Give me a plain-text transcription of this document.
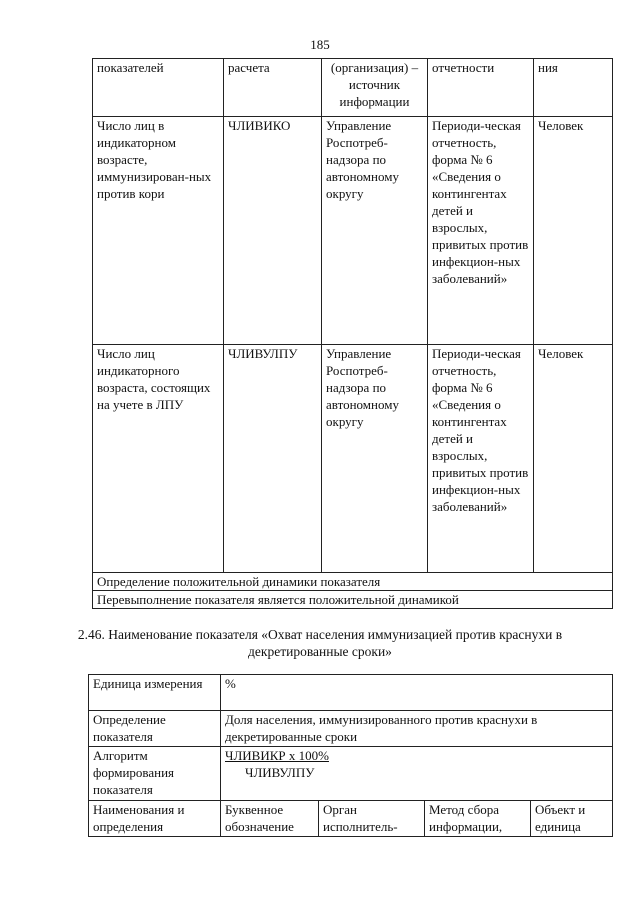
185
показателей	расчета	(организация) – источник информации	отчетности	ния
Число лиц в индикаторном возрасте, иммунизирован-ных против кори	ЧЛИВИКО	Управление Роспотреб-надзора по автономному округу	Периоди-ческая отчетность, форма № 6 «Сведения о контингентах детей и взрослых, привитых против инфекцион-ных заболеваний»	Человек
Число лиц индикаторного возраста, состоящих на учете в ЛПУ	ЧЛИВУЛПУ	Управление Роспотреб-надзора по автономному округу	Периоди-ческая отчетность, форма № 6 «Сведения о контингентах детей и взрослых, привитых против инфекцион-ных заболеваний»	Человек
Определение положительной динамики показателя				
Перевыполнение показателя является положительной динамикой				
2.46. Наименование показателя «Охват населения иммунизацией против краснухи в декретированные сроки»
Единица измерения	%			
Определение показателя	Доля населения, иммунизированного против краснухи в декретированные сроки			
Алгоритм формирования показателя	ЧЛИВИКР x 100%
ЧЛИВУЛПУ			

Наименования и определения	Буквенное обозначение	Орган исполнитель-	Метод сбора информации,	Объект и единица
